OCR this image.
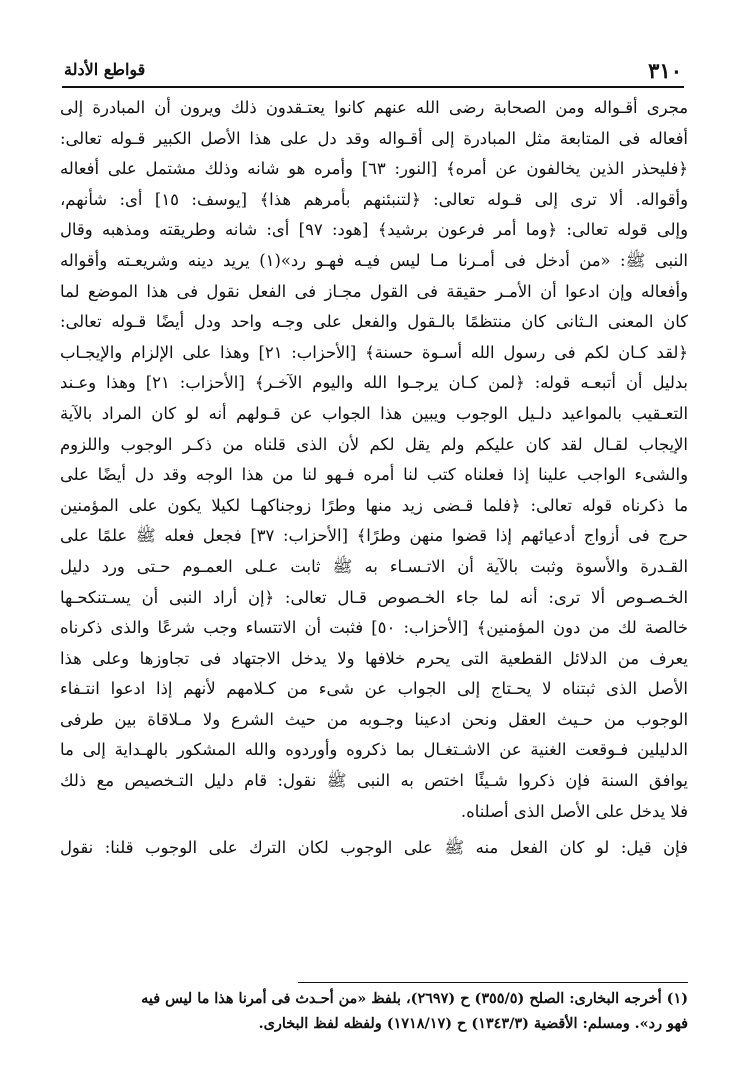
٣١٠
قواطع الأدلة
مجرى أقـواله ومن الصحابة رضى الله عنهم كانوا يعتـقدون ذلك ويرون أن المبادرة إلى
أفعاله فى المتابعة مثل المبادرة إلى أقـواله وقد دل على هذا الأصل الكبير قـوله تعالى:
﴿فليحذر الذين يخالفون عن أمره﴾ [النور: ٦٣] وأمره هو شانه وذلك مشتمل على أفعاله
وأقواله. ألا ترى إلى قـوله تعالى: ﴿لتنبئنهم بأمرهم هذا﴾ [يوسف: ١٥] أى: شأنهم،
وإلى قوله تعالى: ﴿وما أمر فرعون برشيد﴾ [هود: ٩٧] أى: شانه وطريقته ومذهبه وقال
النبى ﷺ: «من أدخل فى أمـرنا مـا ليس فيـه فهـو رد»(١) يريد دينه وشريعـته وأقواله
وأفعاله وإن ادعوا أن الأمـر حقيقة فى القول مجـاز فى الفعل نقول فى هذا الموضع لما
كان المعنى الـثانى كان منتظمًا بالـقول والفعل على وجـه واحد ودل أيضًا قـوله تعالى:
﴿لقد كـان لكم فى رسول الله أسـوة حسنة﴾ [الأحزاب: ٢١] وهذا على الإلزام والإيجـاب
بدليل أن أتبعـه قوله: ﴿لمن كـان يرجـوا الله واليوم الآخـر﴾ [الأحزاب: ٢١] وهذا وعـند
التعـقيب بالمواعيد دلـيل الوجوب ويبين هذا الجواب عن قـولهم أنه لو كان المراد بالآية
الإيجاب لقـال لقد كان عليكم ولم يقل لكم لأن الذى قلناه من ذكـر الوجوب واللزوم
والشىء الواجب علينا إذا فعلناه كتب لنا أمره فـهو لنا من هذا الوجه وقد دل أيضًا على
ما ذكرناه قوله تعالى: ﴿فلما قـضى زيد منها وطرًا زوجناكهـا لكيلا يكون على المؤمنين
حرج فى أزواج أدعيائهم إذا قضوا منهن وطرًا﴾ [الأحزاب: ٣٧] فجعل فعله ﷺ علمًا على
القـدرة والأسوة وثبت بالآية أن الاتـسـاء به ﷺ ثابت عـلى العمـوم حـتى ورد دليل
الخـصـوص ألا ترى: أنه لما جاء الخـصوص قـال تعالى: ﴿إن أراد النبى أن يسـتنكحـها
خالصة لك من دون المؤمنين﴾ [الأحزاب: ٥٠] فثبت أن الاتتساء وجب شرعًا والذى ذكرناه
يعرف من الدلائل القطعية التى يحرم خلافها ولا يدخل الاجتهاد فى تجاوزها وعلى هذا
الأصل الذى ثبتناه لا يحـتاج إلى الجواب عن شىء من كـلامهم لأنهم إذا ادعوا انتـفاء
الوجوب من حـيث العقل ونحن ادعينا وجـوبه من حيث الشرع ولا مـلاقاة بين طرفى
الدليلين فـوقعت الغنية عن الاشـتغـال بما ذكروه وأوردوه والله المشكور بالهـداية إلى ما
يوافق السنة فإن ذكروا شـيئًا اختص به النبى ﷺ نقول: قام دليل التـخصيص مع ذلك
فلا يدخل على الأصل الذى أصلناه.
فإن قيل: لو كان الفعل منه ﷺ على الوجوب لكان الترك على الوجوب قلنا: نقول
(١) أخرجه البخارى: الصلح (٣٥٥/٥) ح (٢٦٩٧)، بلفظ «من أحـدث فى أمرنا هذا ما ليس فيه
فهو رد». ومسلم: الأقضية (١٣٤٣/٣) ح (١٧١٨/١٧) ولفظه لفظ البخارى.
